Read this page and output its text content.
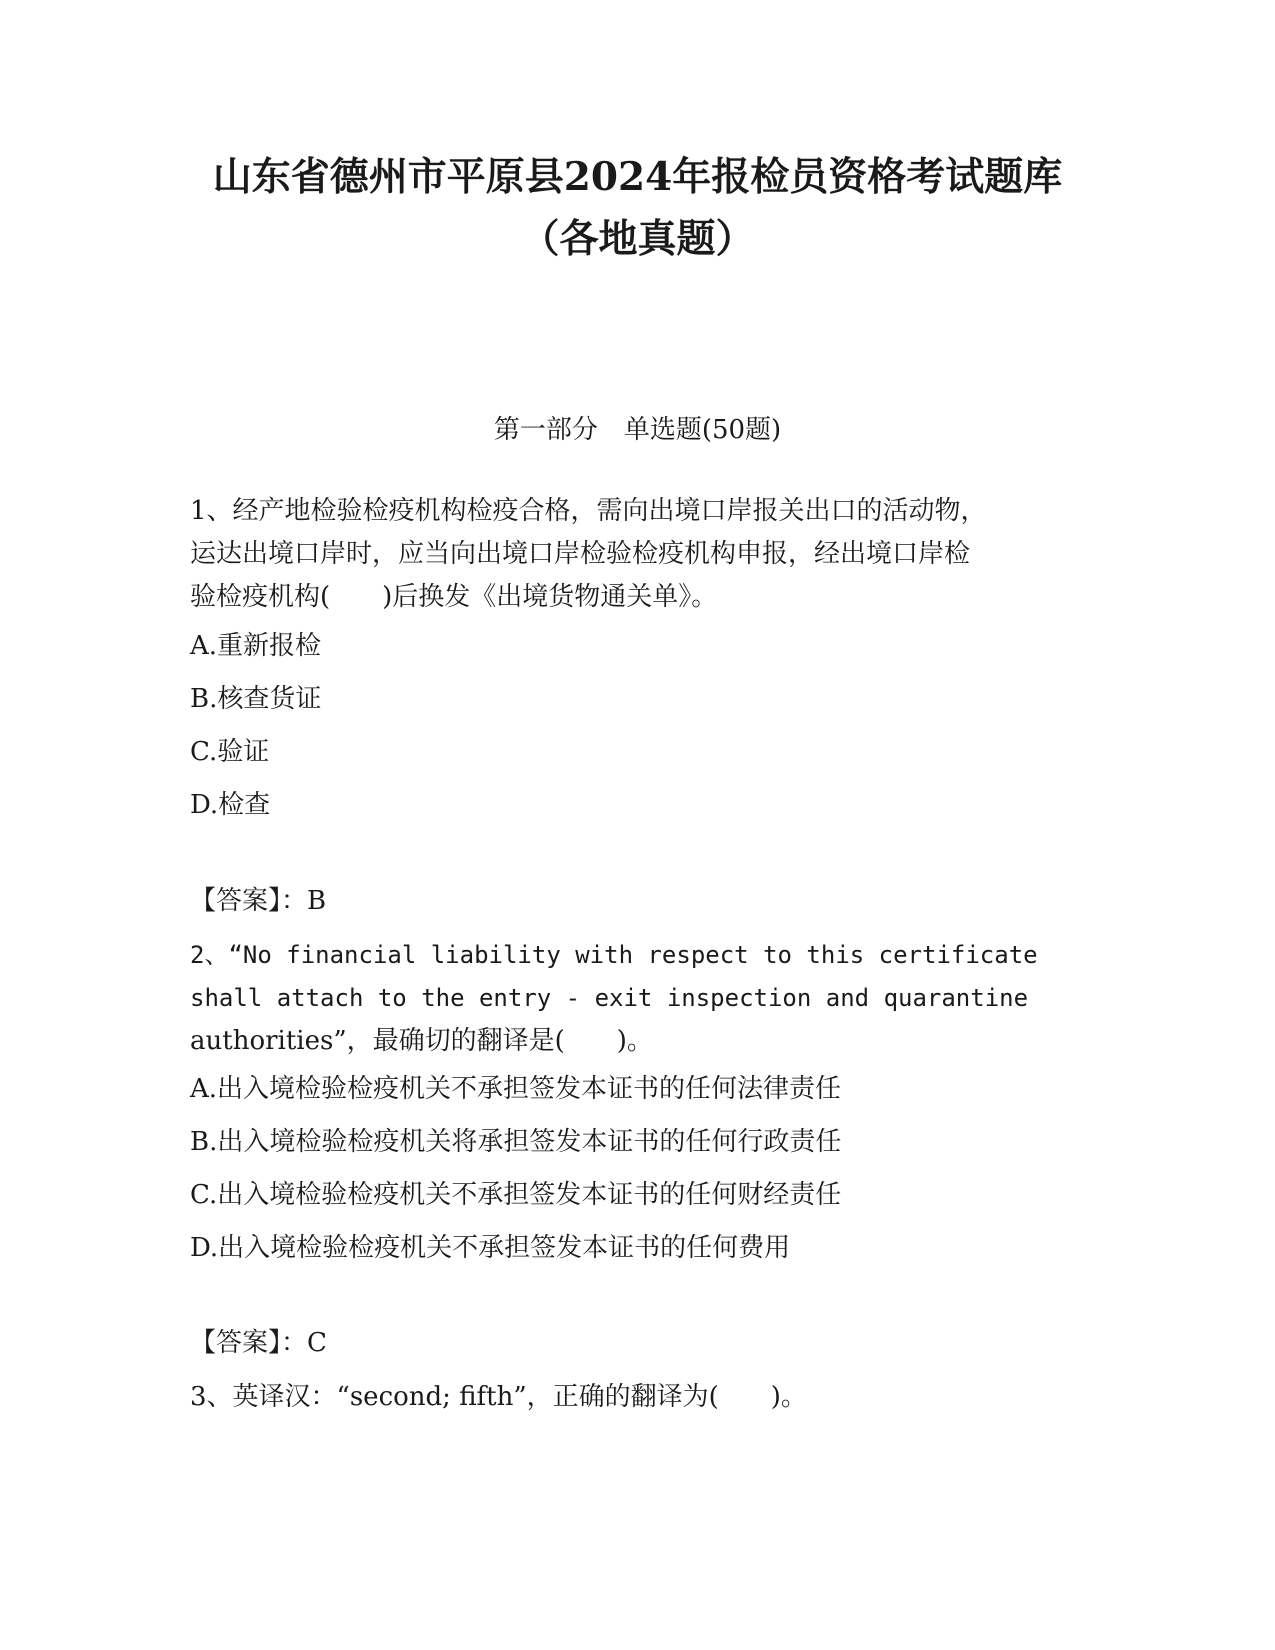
山东省德州市平原县2024年报检员资格考试题库
（各地真题）
第一部分　单选题(50题)
1、经产地检验检疫机构检疫合格，需向出境口岸报关出口的活动物，
运达出境口岸时，应当向出境口岸检验检疫机构申报，经出境口岸检
验检疫机构(　　)后换发《出境货物通关单》。
A.重新报检
B.核查货证
C.验证
D.检查
【答案】：B
2、“No financial liability with respect to this certificate
shall attach to the entry - exit inspection and quarantine
authorities”，最确切的翻译是(　　)。
A.出入境检验检疫机关不承担签发本证书的任何法律责任
B.出入境检验检疫机关将承担签发本证书的任何行政责任
C.出入境检验检疫机关不承担签发本证书的任何财经责任
D.出入境检验检疫机关不承担签发本证书的任何费用
【答案】：C
3、英译汉：“second; fifth”，正确的翻译为(　　)。
